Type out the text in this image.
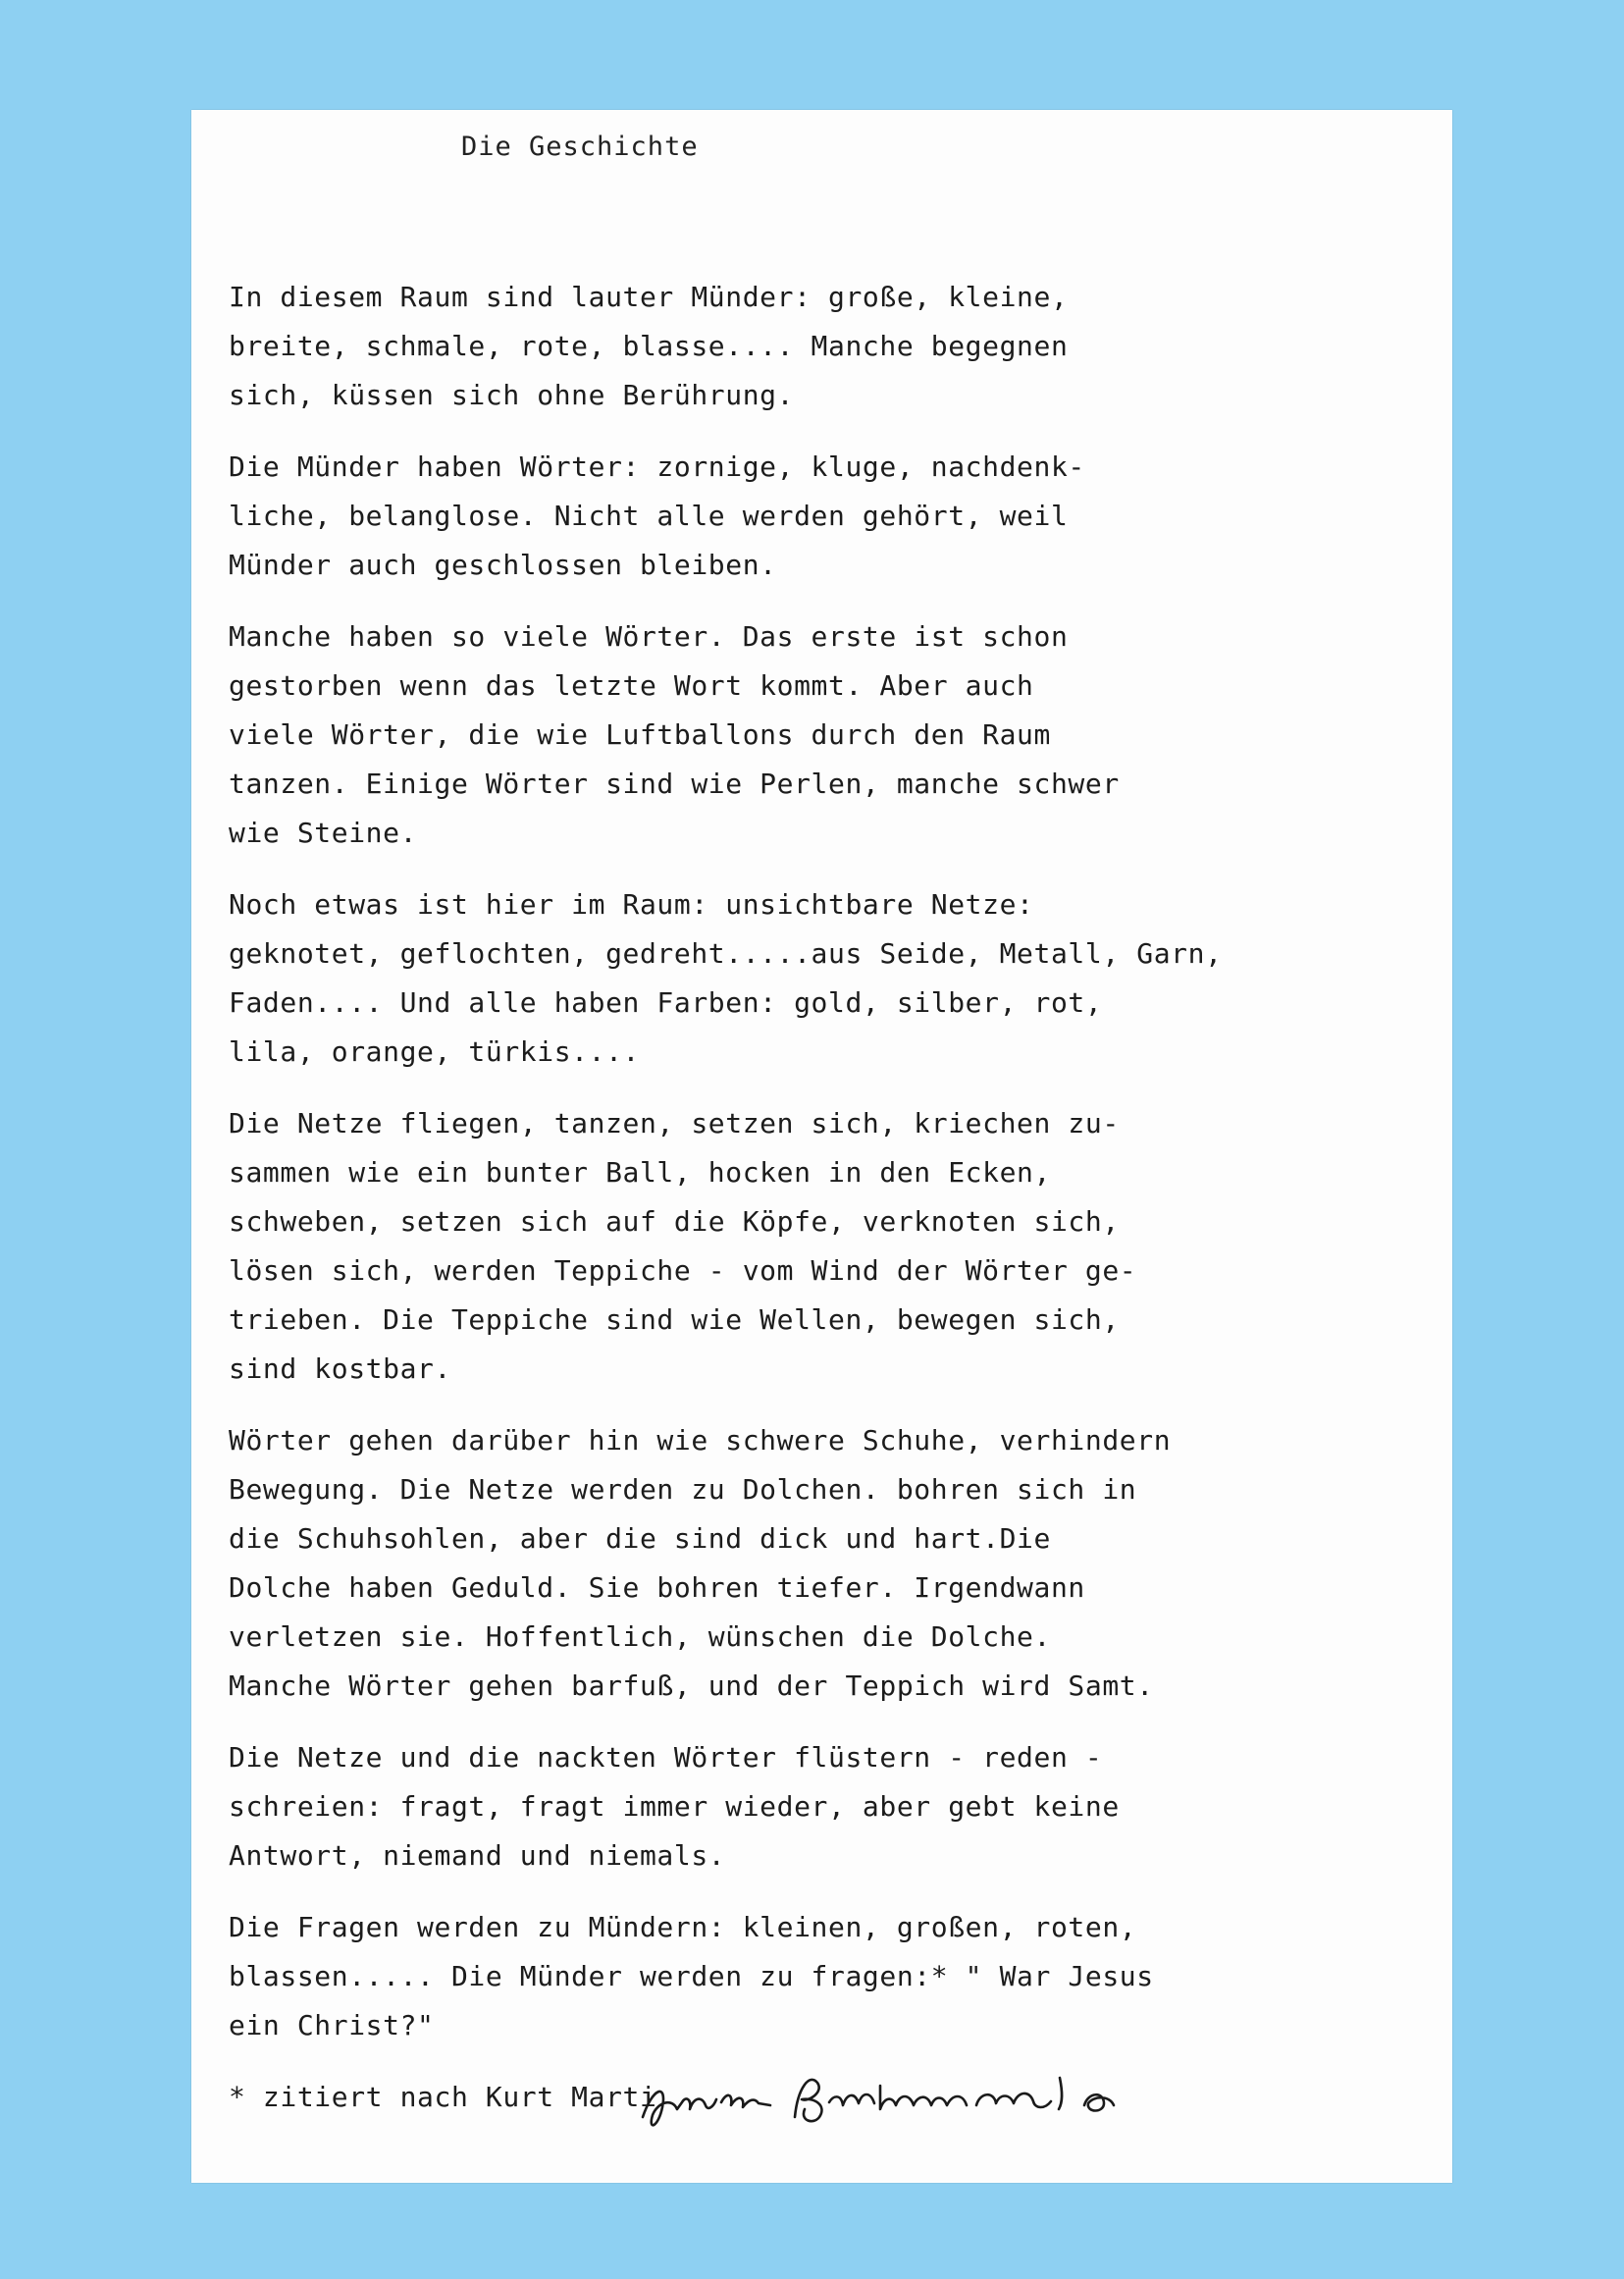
Die Geschichte

In diesem Raum sind lauter Münder: große, kleine,
breite, schmale, rote, blasse.... Manche begegnen
sich, küssen sich ohne Berührung.

Die Münder haben Wörter: zornige, kluge, nachdenk-
liche, belanglose. Nicht alle werden gehört, weil
Münder auch geschlossen bleiben.

Manche haben so viele Wörter. Das erste ist schon
gestorben wenn das letzte Wort kommt. Aber auch
viele Wörter, die wie Luftballons durch den Raum
tanzen. Einige Wörter sind wie Perlen, manche schwer
wie Steine.

Noch etwas ist hier im Raum: unsichtbare Netze:
geknotet, geflochten, gedreht.....aus Seide, Metall, Garn,
Faden.... Und alle haben Farben: gold, silber, rot,
lila, orange, türkis....

Die Netze fliegen, tanzen, setzen sich, kriechen zu-
sammen wie ein bunter Ball, hocken in den Ecken,
schweben, setzen sich auf die Köpfe, verknoten sich,
lösen sich, werden Teppiche - vom Wind der Wörter ge-
trieben. Die Teppiche sind wie Wellen, bewegen sich,
sind kostbar.

Wörter gehen darüber hin wie schwere Schuhe, verhindern
Bewegung. Die Netze werden zu Dolchen. bohren sich in
die Schuhsohlen, aber die sind dick und hart.Die
Dolche haben Geduld. Sie bohren tiefer. Irgendwann
verletzen sie. Hoffentlich, wünschen die Dolche.
Manche Wörter gehen barfuß, und der Teppich wird Samt.

Die Netze und die nackten Wörter flüstern - reden -
schreien: fragt, fragt immer wieder, aber gebt keine
Antwort, niemand und niemals.

Die Fragen werden zu Mündern: kleinen, großen, roten,
blassen..... Die Münder werden zu fragen:* " War Jesus
ein Christ?"

* zitiert nach Kurt Marti
